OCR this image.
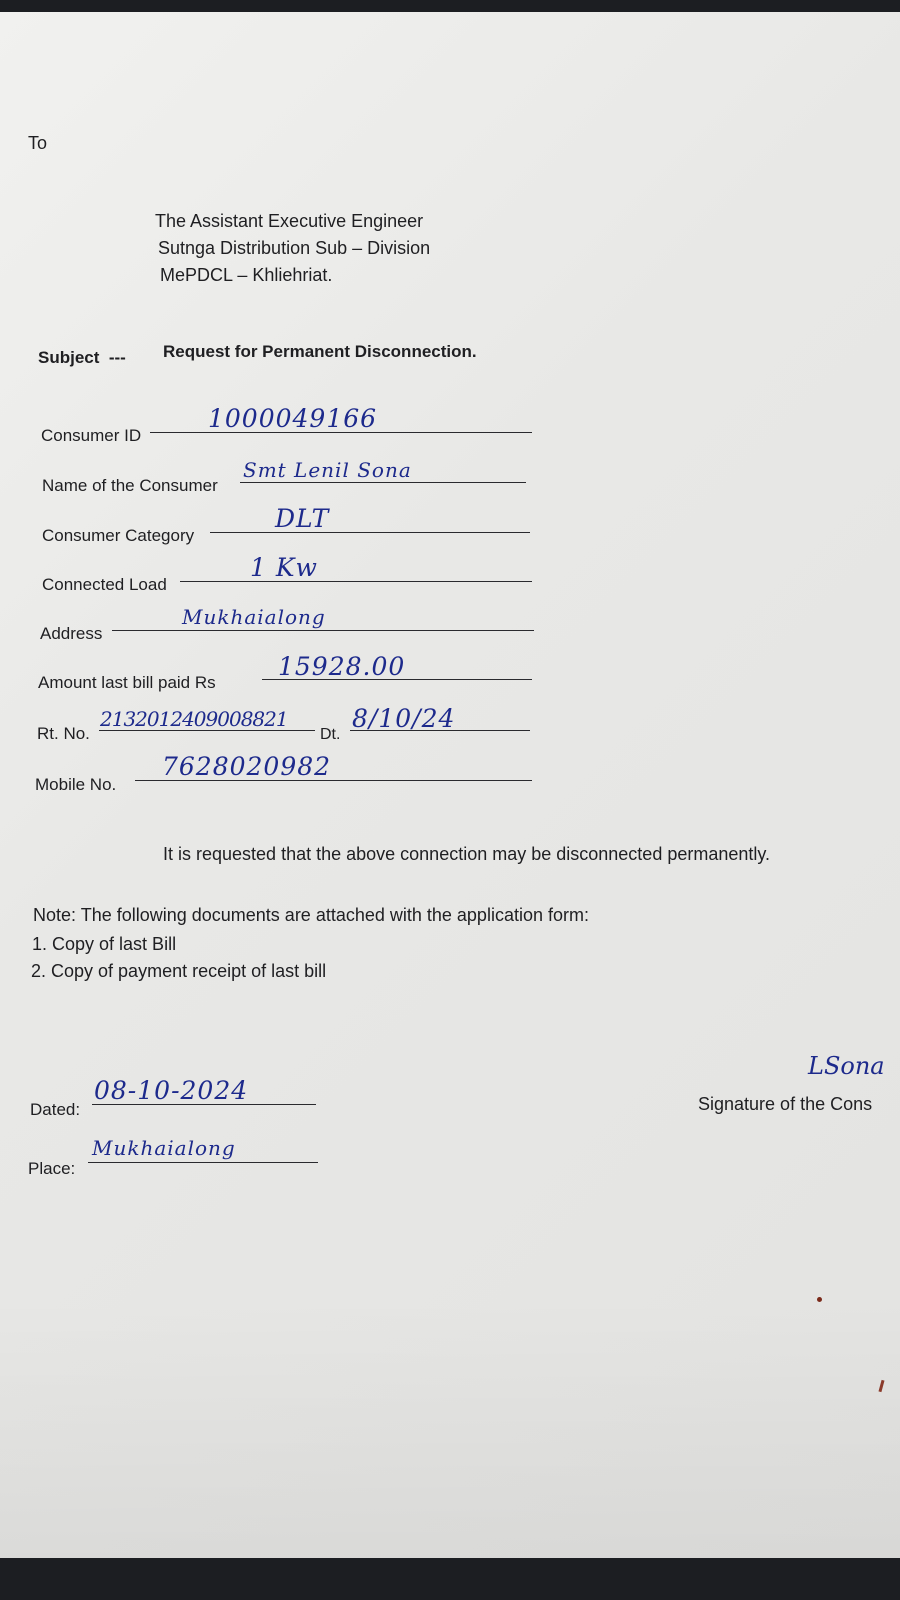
To
The Assistant Executive Engineer
Sutnga Distribution Sub – Division
MePDCL – Khliehriat.
Subject  --- Request for Permanent Disconnection.
Consumer ID
1000049166
Name of the Consumer
Smt Lenil Sona
Consumer Category
DLT
Connected Load
1 Kw
Address
Mukhaialong
Amount last bill paid Rs
15928.00
Rt. No.
2132012409008821
Dt.
8/10/24
Mobile No.
7628020982
It is requested that the above connection may be disconnected permanently.
Note: The following documents are attached with the application form:
1. Copy of last Bill
2. Copy of payment receipt of last bill
LSona
Dated:
08-10-2024	Signature of the Cons
Place:
Mukhaialong
